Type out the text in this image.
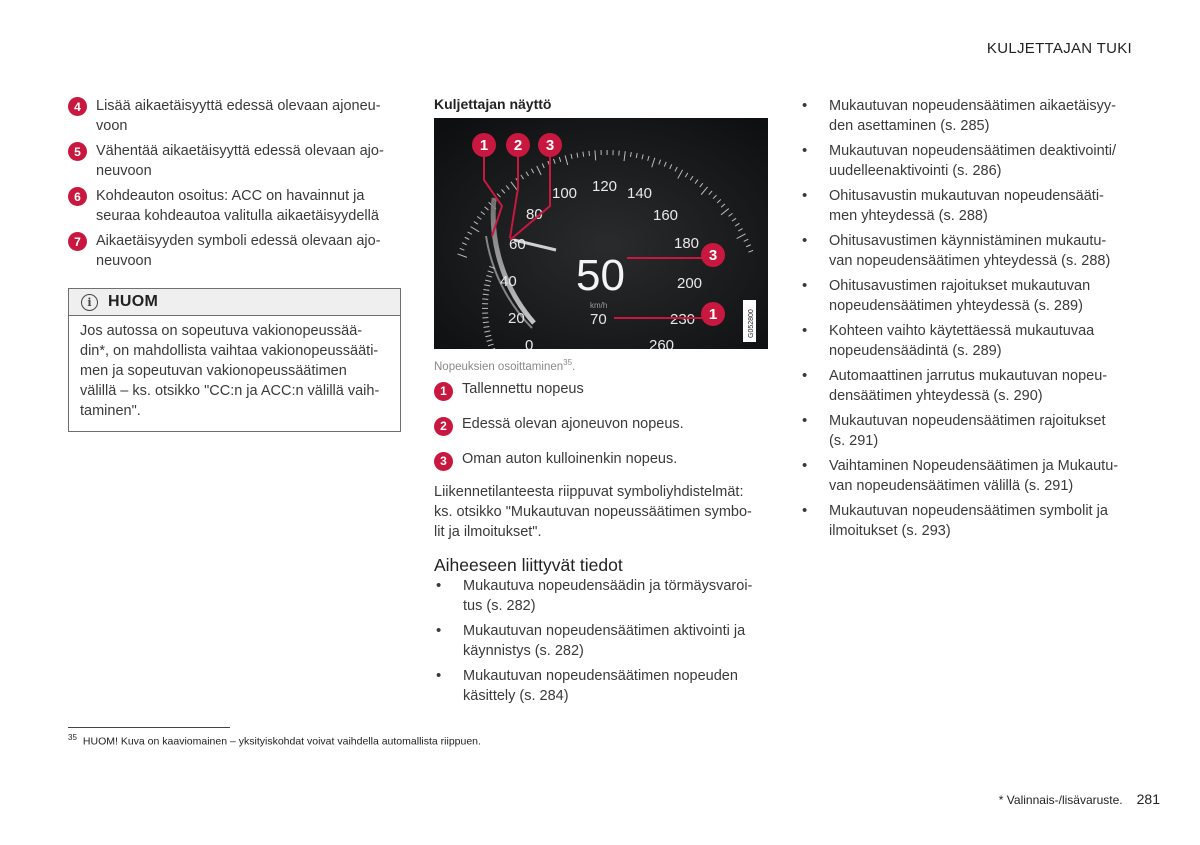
KULJETTAJAN TUKI
4	Lisää aikaetäisyyttä edessä olevaan ajoneu-
voon
5	Vähentää aikaetäisyyttä edessä olevaan ajo-
neuvoon
6	Kohdeauton osoitus: ACC on havainnut ja
seuraa kohdeautoa valitulla aikaetäisyydellä
7	Aikaetäisyyden symboli edessä olevaan ajo-
neuvoon
i	HUOM
Jos autossa on sopeutuva vakionopeussää-
din*, on mahdollista vaihtaa vakionopeussääti-
men ja sopeutuvan vakionopeussäätimen
välillä – ks. otsikko "CC:n ja ACC:n välillä vaih-
taminen".
Kuljettajan näyttö
0
20
40
60
80
100 120 140
160
180
200
230
260
50
km/h
70
1 2 3
3
1	G052800
Nopeuksien osoittaminen$^{35}$.
1	Tallennettu nopeus
2	Edessä olevan ajoneuvon nopeus.
3	Oman auton kulloinenkin nopeus.
Liikennetilanteesta riippuvat symboliyhdistelmät:
ks. otsikko "Mukautuvan nopeussäätimen symbo-
lit ja ilmoitukset".
Aiheeseen liittyvät tiedot
• Mukautuva nopeudensäädin ja törmäysvaroi-
tus (s. 282)
• Mukautuvan nopeudensäätimen aktivointi ja
käynnistys (s. 282)
• Mukautuvan nopeudensäätimen nopeuden
käsittely (s. 284)
• Mukautuvan nopeudensäätimen aikaetäisyy-
den asettaminen (s. 285)
• Mukautuvan nopeudensäätimen deaktivointi/
uudelleenaktivointi (s. 286)
• Ohitusavustin mukautuvan nopeudensääti-
men yhteydessä (s. 288)
• Ohitusavustimen käynnistäminen mukautu-
van nopeudensäätimen yhteydessä (s. 288)
• Ohitusavustimen rajoitukset mukautuvan
nopeudensäätimen yhteydessä (s. 289)
• Kohteen vaihto käytettäessä mukautuvaa
nopeudensäädintä (s. 289)
• Automaattinen jarrutus mukautuvan nopeu-
densäätimen yhteydessä (s. 290)
• Mukautuvan nopeudensäätimen rajoitukset
(s. 291)
• Vaihtaminen Nopeudensäätimen ja Mukautu-
van nopeudensäätimen välillä (s. 291)
• Mukautuvan nopeudensäätimen symbolit ja
ilmoitukset (s. 293)
$^{35}$ HUOM! Kuva on kaaviomainen – yksityiskohdat voivat vaihdella automallista riippuen.
* Valinnais-/lisävaruste. 281
